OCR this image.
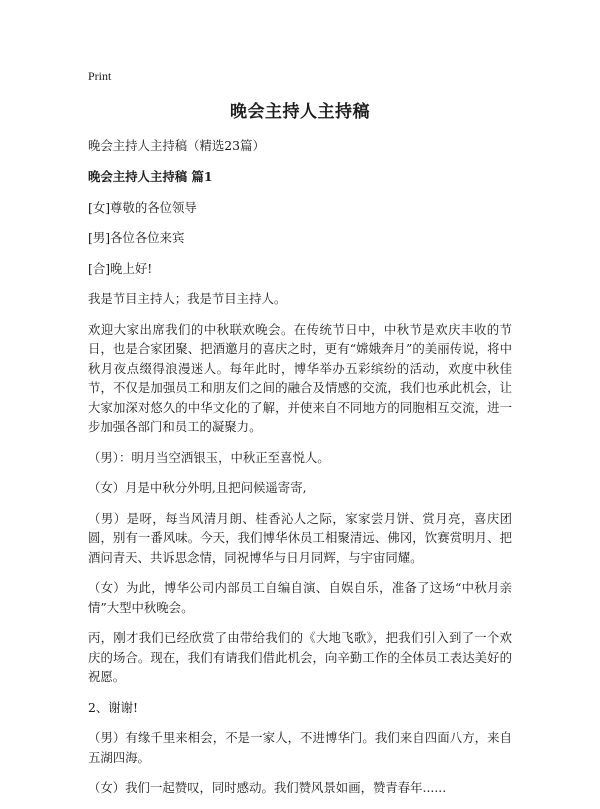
Print
晚会主持人主持稿

晚会主持人主持稿（精选23篇）

晚会主持人主持稿 篇1

[女]尊敬的各位领导

[男]各位各位来宾

[合]晚上好!

我是节目主持人；我是节目主持人。

欢迎大家出席我们的中秋联欢晚会。在传统节日中，中秋节是欢庆丰收的节日，也是合家团聚、把酒邀月的喜庆之时，更有“嫦娥奔月”的美丽传说，将中秋月夜点缀得浪漫迷人。每年此时，博华举办五彩缤纷的活动，欢度中秋佳节，不仅是加强员工和朋友们之间的融合及情感的交流，我们也承此机会，让大家加深对悠久的中华文化的了解，并使来自不同地方的同胞相互交流，进一步加强各部门和员工的凝聚力。

（男）：明月当空洒银玉，中秋正至喜悦人。

（女）月是中秋分外明,且把问候遥寄寄,

（男）是呀，每当风清月朗、桂香沁人之际，家家尝月饼、赏月亮，喜庆团圆，别有一番风味。今天，我们博华休员工相聚清远、佛冈，饮赛赏明月、把酒问青天、共诉思念情，同祝博华与日月同辉，与宇宙同耀。

（女）为此，博华公司内部员工自编自演、自娱自乐，准备了这场“中秋月亲情”大型中秋晚会。

丙，刚才我们已经欣赏了由带给我们的《大地飞歌》，把我们引入到了一个欢庆的场合。现在，我们有请我们借此机会，向辛勤工作的全体员工表达美好的祝愿。

2、谢谢!

（男）有缘千里来相会，不是一家人，不进博华门。我们来自四面八方，来自五湖四海。

（女）我们一起赞叹，同时感动。我们赞风景如画，赞青春年......
